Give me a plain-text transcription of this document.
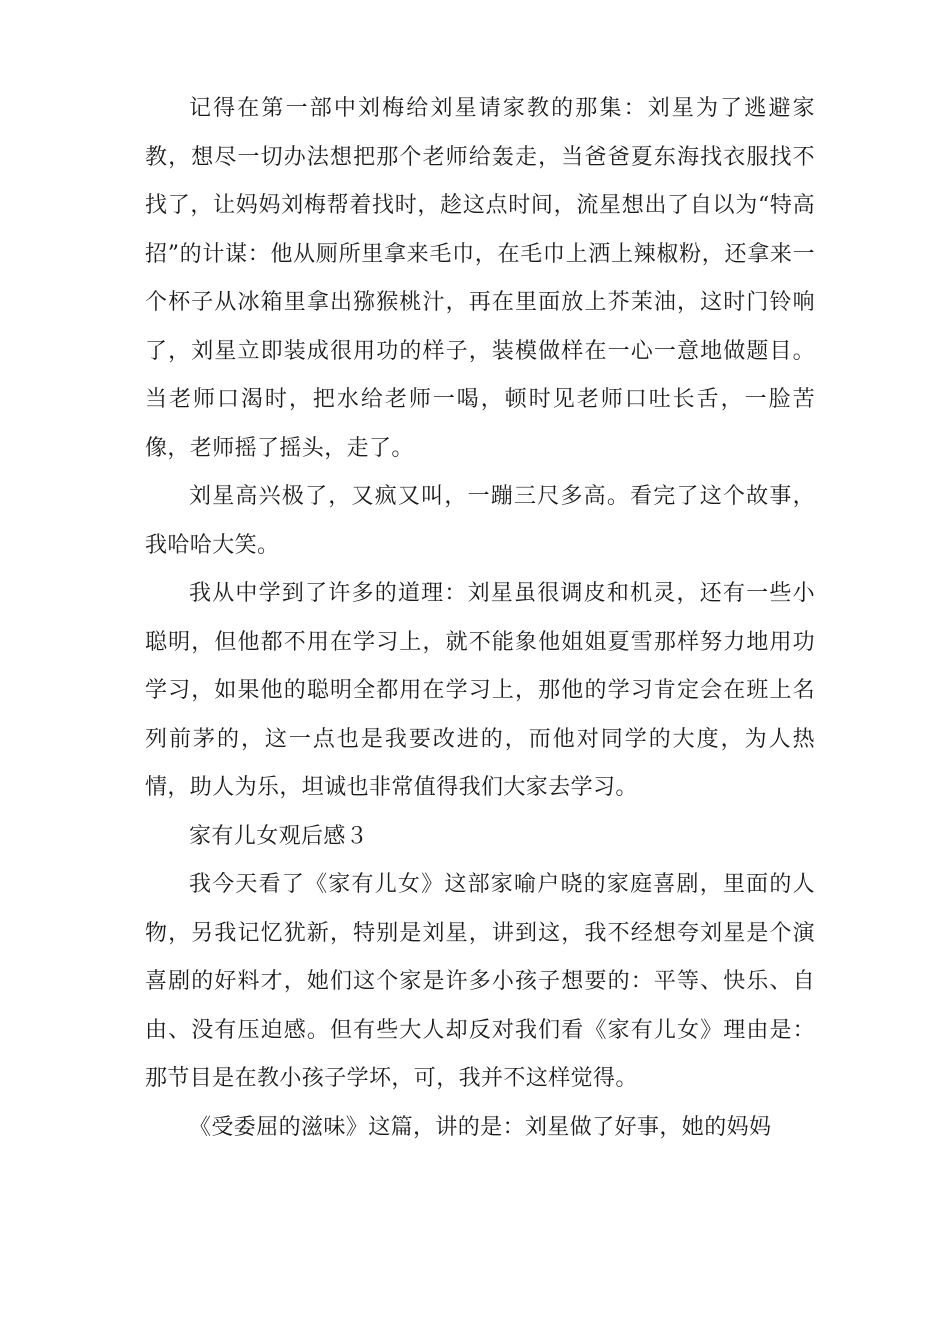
记得在第一部中刘梅给刘星请家教的那集：刘星为了逃避家教，想尽一切办法想把那个老师给轰走，当爸爸夏东海找衣服找不找了，让妈妈刘梅帮着找时，趁这点时间，流星想出了自以为“特高招”的计谋：他从厕所里拿来毛巾，在毛巾上洒上辣椒粉，还拿来一个杯子从冰箱里拿出猕猴桃汁，再在里面放上芥茉油，这时门铃响了，刘星立即装成很用功的样子，装模做样在一心一意地做题目。当老师口渴时，把水给老师一喝，顿时见老师口吐长舌，一脸苦像，老师摇了摇头，走了。

刘星高兴极了，又疯又叫，一蹦三尺多高。看完了这个故事，我哈哈大笑。

我从中学到了许多的道理：刘星虽很调皮和机灵，还有一些小聪明，但他都不用在学习上，就不能象他姐姐夏雪那样努力地用功学习，如果他的聪明全都用在学习上，那他的学习肯定会在班上名列前茅的，这一点也是我要改进的，而他对同学的大度，为人热情，助人为乐，坦诚也非常值得我们大家去学习。

家有儿女观后感３

我今天看了《家有儿女》这部家喻户晓的家庭喜剧，里面的人物，另我记忆犹新，特别是刘星，讲到这，我不经想夸刘星是个演喜剧的好料才，她们这个家是许多小孩子想要的：平等、快乐、自由、没有压迫感。但有些大人却反对我们看《家有儿女》理由是：那节目是在教小孩子学坏，可，我并不这样觉得。

《受委屈的滋味》这篇，讲的是：刘星做了好事，她的妈妈
